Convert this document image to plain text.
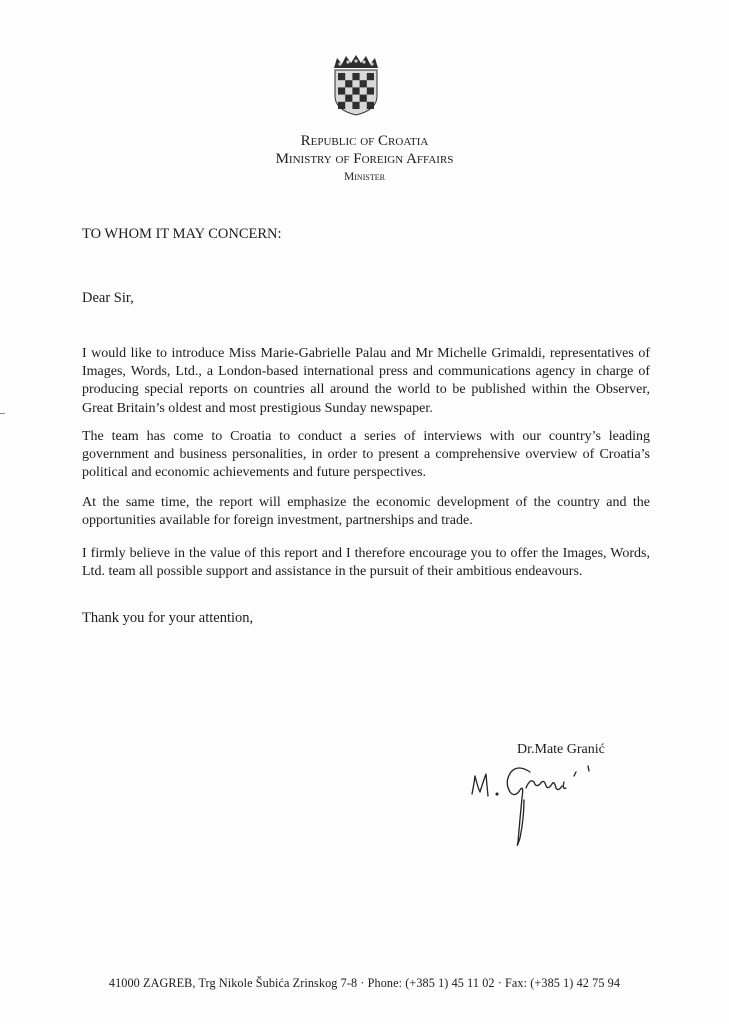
Republic of Croatia
Ministry of Foreign Affairs
Minister
TO WHOM IT MAY CONCERN:
Dear Sir,

I would like to introduce Miss Marie-Gabrielle Palau and Mr Michelle Grimaldi, representatives of Images, Words, Ltd., a London-based international press and communications agency in charge of producing special reports on countries all around the world to be published within the Observer, Great Britain’s oldest and most prestigious Sunday newspaper.

The team has come to Croatia to conduct a series of interviews with our country’s leading government and business personalities, in order to present a comprehensive overview of Croatia’s political and economic achievements and future perspectives.

At the same time, the report will emphasize the economic development of the country and the opportunities available for foreign investment, partnerships and trade.

I firmly believe in the value of this report and I therefore encourage you to offer the Images, Words, Ltd. team all possible support and assistance in the pursuit of their ambitious endeavours.

Thank you for your attention,
Dr.Mate Granić
41000 ZAGREB, Trg Nikole Šubića Zrinskog 7-8 · Phone: (+385 1) 45 11 02 · Fax: (+385 1) 42 75 94
